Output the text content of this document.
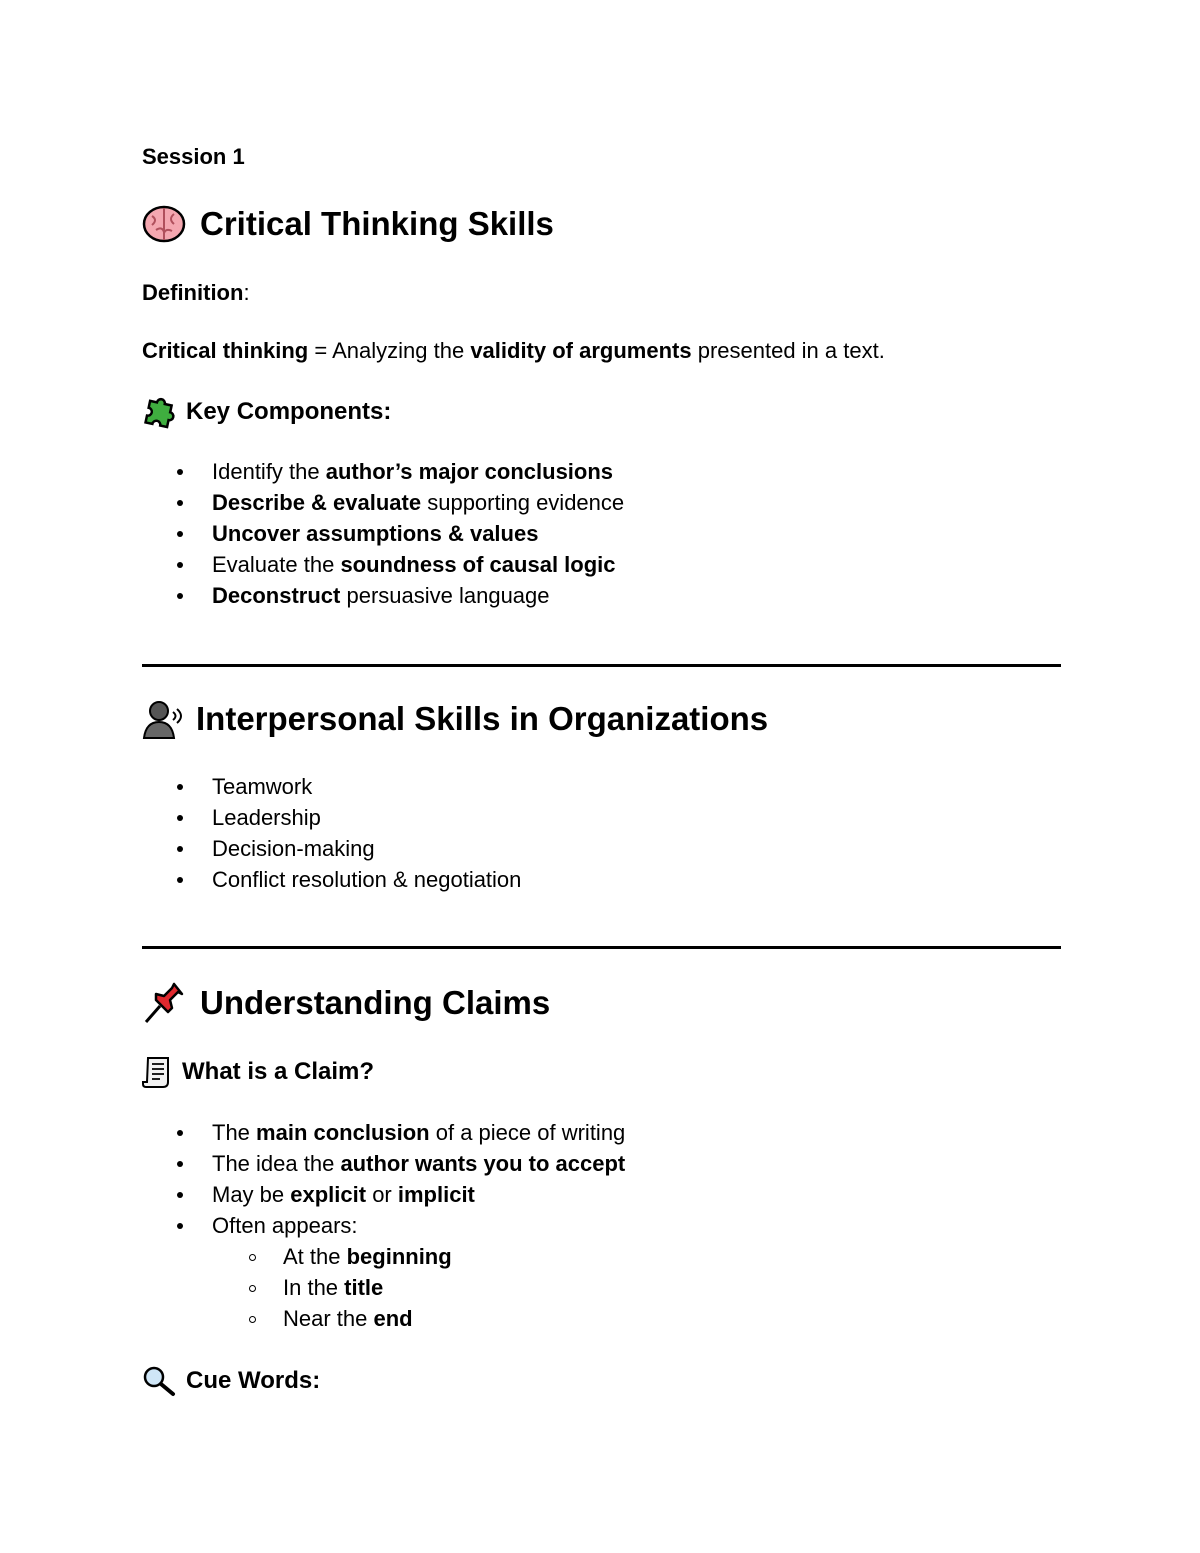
Session 1
Critical Thinking Skills
Definition:
Critical thinking = Analyzing the validity of arguments presented in a text.
Key Components:
Identify the author’s major conclusions
Describe & evaluate supporting evidence
Uncover assumptions & values
Evaluate the soundness of causal logic
Deconstruct persuasive language
Interpersonal Skills in Organizations
Teamwork
Leadership
Decision-making
Conflict resolution & negotiation
Understanding Claims
What is a Claim?
The main conclusion of a piece of writing
The idea the author wants you to accept
May be explicit or implicit
Often appears:
At the beginning
In the title
Near the end
Cue Words:
